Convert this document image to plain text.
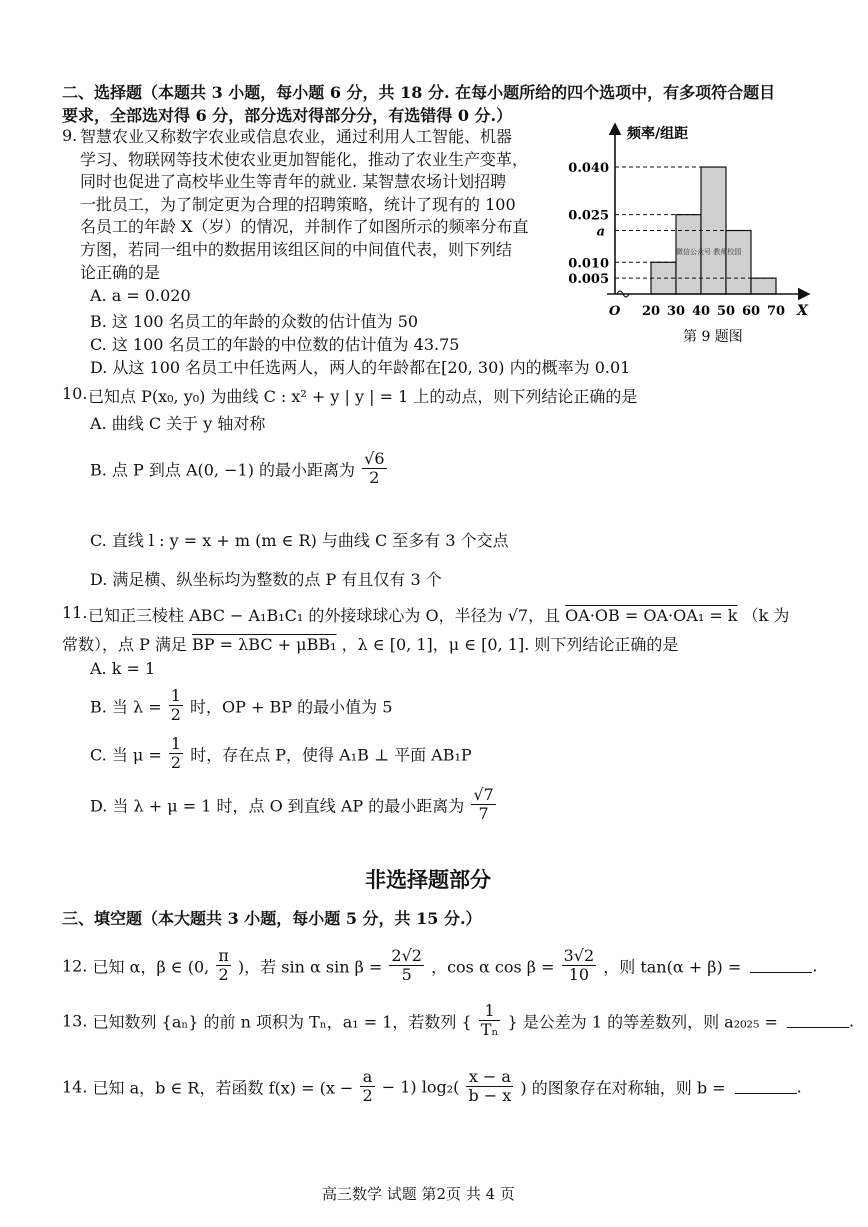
二、选择题（本题共 3 小题，每小题 6 分，共 18 分. 在每小题所给的四个选项中，有多项符合题目
要求，全部选对得 6 分，部分选对得部分分，有选错得 0 分.）
9. 智慧农业又称数字农业或信息农业，通过利用人工智能、机器
学习、物联网等技术使农业更加智能化，推动了农业生产变革，
同时也促进了高校毕业生等青年的就业. 某智慧农场计划招聘
一批员工，为了制定更为合理的招聘策略，统计了现有的 100
名员工的年龄 X（岁）的情况，并制作了如图所示的频率分布直
方图，若同一组中的数据用该组区间的中间值代表，则下列结
论正确的是
A. a = 0.020
B. 这 100 名员工的年龄的众数的估计值为 50
C. 这 100 名员工的年龄的中位数的估计值为 43.75
D. 从这 100 名员工中任选两人，两人的年龄都在[20, 30) 内的概率为 0.01
频率/组距
X
O
0.040
0.025
a
0.010
0.005
20 30 40 50 60 70
微信公众号 教师校园
第 9 题图
10. 已知点 P(x₀, y₀) 为曲线 C : x² + y | y | = 1 上的动点，则下列结论正确的是
A. 曲线 C 关于 y 轴对称
B. 点 P 到点 A(0, −1) 的最小距离为 $\frac{√6}{2}$
C. 直线 l : y = x + m (m ∈ R) 与曲线 C 至多有 3 个交点
D. 满足横、纵坐标均为整数的点 P 有且仅有 3 个
11. 已知正三棱柱 ABC − A₁B₁C₁ 的外接球球心为 O，半径为 √7，且 OA·OB = OA·OA₁ = k （k 为
常数），点 P 满足 BP = λBC + μBB₁ ，λ ∈ [0, 1]，μ ∈ [0, 1]. 则下列结论正确的是
A. k = 1
B. 当 $\lambda = \frac{1}{2}$ 时，OP + BP 的最小值为 5
C. 当 $\mu = \frac{1}{2}$ 时，存在点 P，使得 A₁B ⊥ 平面 AB₁P
D. 当 λ + μ = 1 时，点 O 到直线 AP 的最小距离为 $\frac{√7}{7}$
非选择题部分
三、填空题（本大题共 3 小题，每小题 5 分，共 15 分.）
12. 已知 α，β ∈ (0, $\frac{\pi}{2}$ )，若 sin α $\sin \beta = \frac{2√2}{5}$ ，cos α $\cos \beta = \frac{3√2}{10}$ ，则 tan(α + β) =	.
13. 已知数列 {aₙ} 的前 n 项积为 Tₙ，a₁ = 1，若数列 { $\frac{1}{\text{Tₙ}}$ } 是公差为 1 的等差数列，则 a₂₀₂₅ =	.
14. 已知 a，b ∈ R，若函数 $f(x) = (x - \frac{a}{2} - 1)$ $\log_2( \frac{x - a}{b - x}$ ) 的图象存在对称轴，则 b =	.
高三数学 试题 第2页 共 4 页
